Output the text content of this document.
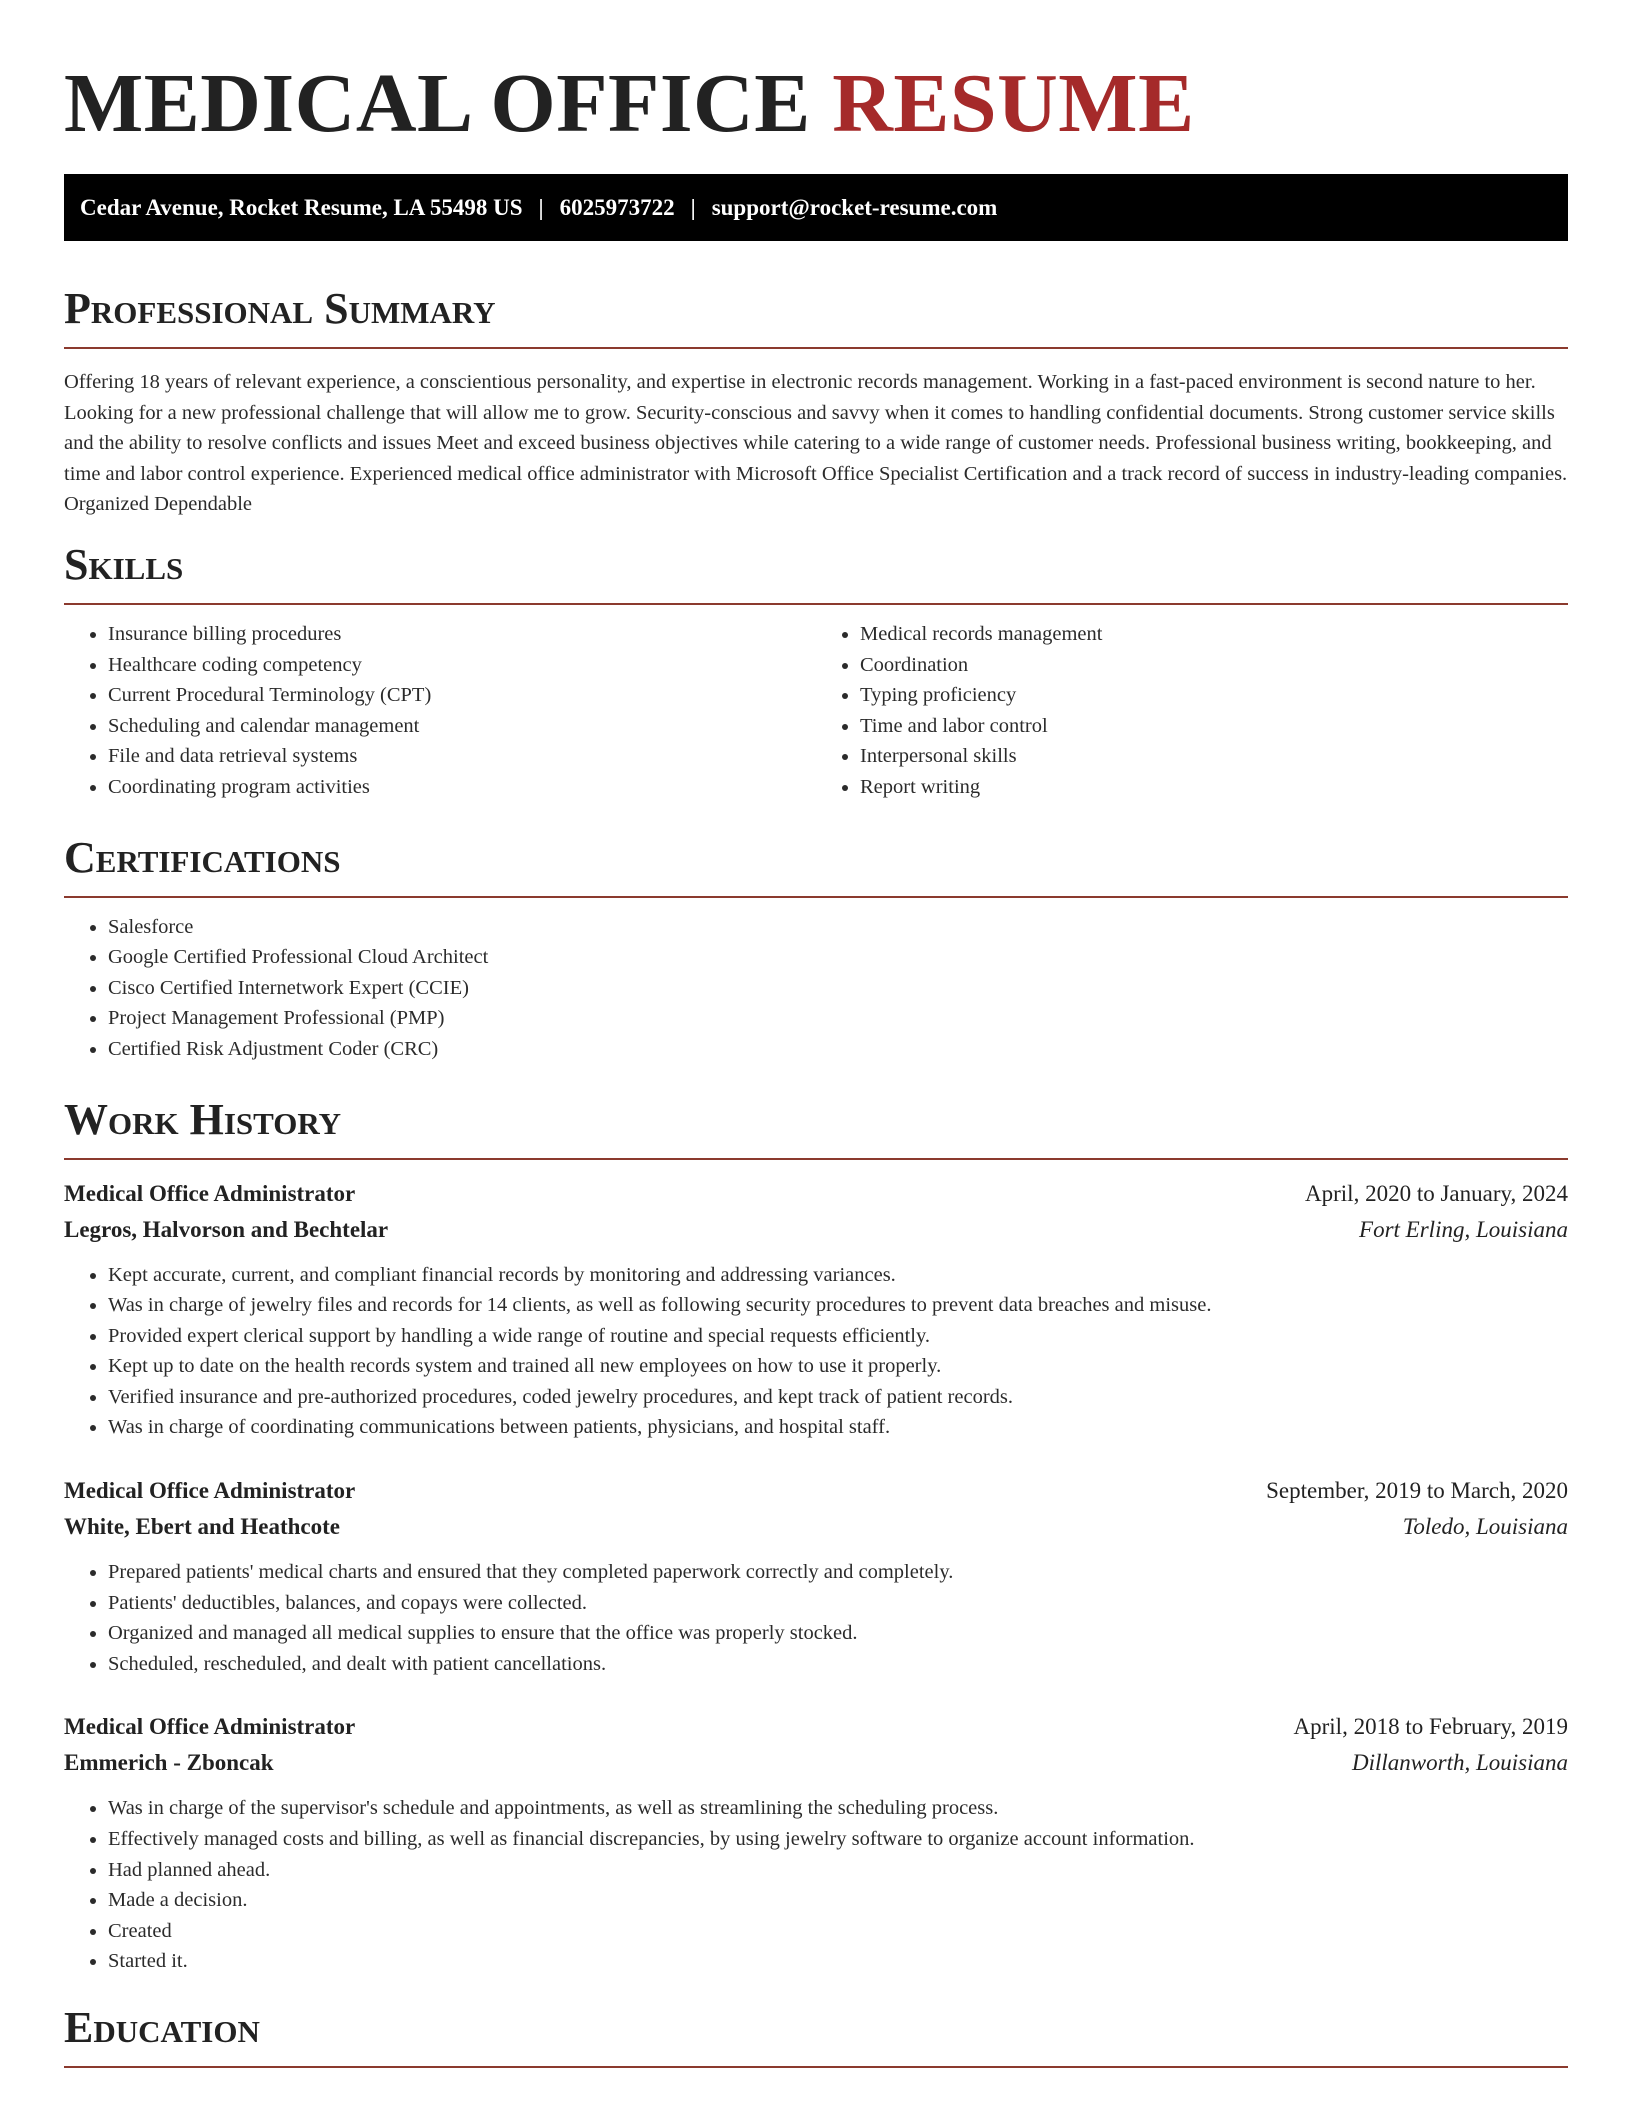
MEDICAL OFFICE RESUME
Cedar Avenue, Rocket Resume, LA 55498 US | 6025973722 | support@rocket-resume.com
Professional Summary

Offering 18 years of relevant experience, a conscientious personality, and expertise in electronic records management. Working in a fast-paced environment is second nature to her. Looking for a new professional challenge that will allow me to grow. Security-conscious and savvy when it comes to handling confidential documents. Strong customer service skills and the ability to resolve conflicts and issues Meet and exceed business objectives while catering to a wide range of customer needs. Professional business writing, bookkeeping, and time and labor control experience. Experienced medical office administrator with Microsoft Office Specialist Certification and a track record of success in industry-leading companies. Organized Dependable

Skills
• Insurance billing procedures
• Healthcare coding competency
• Current Procedural Terminology (CPT)
• Scheduling and calendar management
• File and data retrieval systems
• Coordinating program activities
• Medical records management
• Coordination
• Typing proficiency
• Time and labor control
• Interpersonal skills
• Report writing
Certifications
• Salesforce
• Google Certified Professional Cloud Architect
• Cisco Certified Internetwork Expert (CCIE)
• Project Management Professional (PMP)
• Certified Risk Adjustment Coder (CRC)
Work History
Medical Office Administrator	April, 2020 to January, 2024
Legros, Halvorson and Bechtelar	Fort Erling, Louisiana
• Kept accurate, current, and compliant financial records by monitoring and addressing variances.
• Was in charge of jewelry files and records for 14 clients, as well as following security procedures to prevent data breaches and misuse.
• Provided expert clerical support by handling a wide range of routine and special requests efficiently.
• Kept up to date on the health records system and trained all new employees on how to use it properly.
• Verified insurance and pre-authorized procedures, coded jewelry procedures, and kept track of patient records.
• Was in charge of coordinating communications between patients, physicians, and hospital staff.
Medical Office Administrator	September, 2019 to March, 2020
White, Ebert and Heathcote	Toledo, Louisiana
• Prepared patients' medical charts and ensured that they completed paperwork correctly and completely.
• Patients' deductibles, balances, and copays were collected.
• Organized and managed all medical supplies to ensure that the office was properly stocked.
• Scheduled, rescheduled, and dealt with patient cancellations.
Medical Office Administrator	April, 2018 to February, 2019
Emmerich - Zboncak	Dillanworth, Louisiana
• Was in charge of the supervisor's schedule and appointments, as well as streamlining the scheduling process.
• Effectively managed costs and billing, as well as financial discrepancies, by using jewelry software to organize account information.
• Had planned ahead.
• Made a decision.
• Created
• Started it.
Education
